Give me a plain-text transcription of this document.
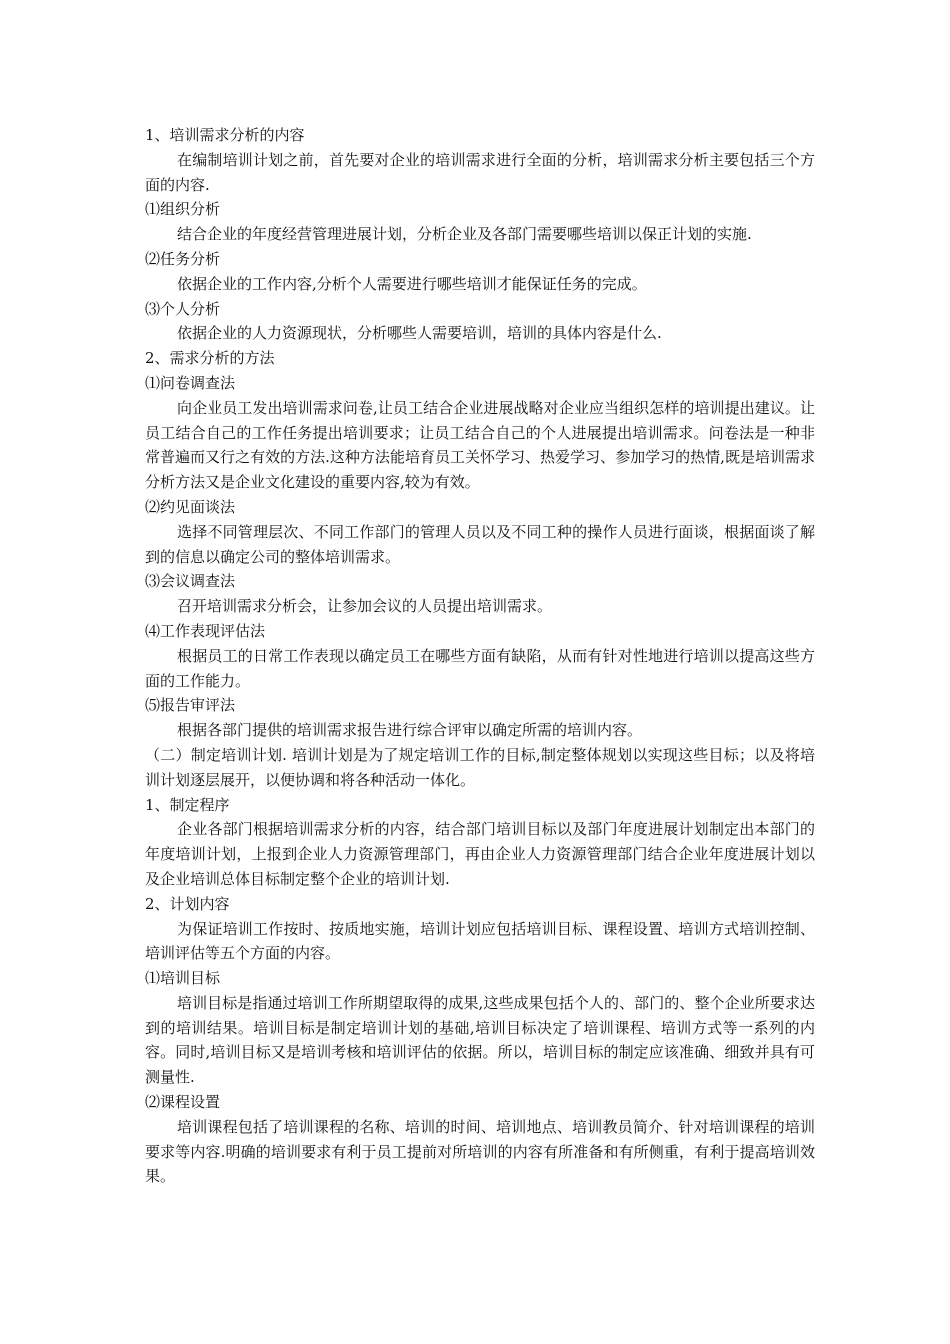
1、培训需求分析的内容

在编制培训计划之前，首先要对企业的培训需求进行全面的分析，培训需求分析主要包括三个方面的内容.

⑴组织分析

结合企业的年度经营管理进展计划，分析企业及各部门需要哪些培训以保正计划的实施.

⑵任务分析

依据企业的工作内容,分析个人需要进行哪些培训才能保证任务的完成。

⑶个人分析

依据企业的人力资源现状，分析哪些人需要培训，培训的具体内容是什么.

2、需求分析的方法

⑴问卷调查法

向企业员工发出培训需求问卷,让员工结合企业进展战略对企业应当组织怎样的培训提出建议。让员工结合自己的工作任务提出培训要求；让员工结合自己的个人进展提出培训需求。问卷法是一种非常普遍而又行之有效的方法.这种方法能培育员工关怀学习、热爱学习、参加学习的热情,既是培训需求分析方法又是企业文化建设的重要内容,较为有效。

⑵约见面谈法

选择不同管理层次、不同工作部门的管理人员以及不同工种的操作人员进行面谈，根据面谈了解到的信息以确定公司的整体培训需求。

⑶会议调查法

召开培训需求分析会，让参加会议的人员提出培训需求。

⑷工作表现评估法

根据员工的日常工作表现以确定员工在哪些方面有缺陷，从而有针对性地进行培训以提高这些方面的工作能力。

⑸报告审评法

根据各部门提供的培训需求报告进行综合评审以确定所需的培训内容。

（二）制定培训计划. 培训计划是为了规定培训工作的目标,制定整体规划以实现这些目标；以及将培训计划逐层展开，以便协调和将各种活动一体化。

1、制定程序

企业各部门根据培训需求分析的内容，结合部门培训目标以及部门年度进展计划制定出本部门的年度培训计划，上报到企业人力资源管理部门，再由企业人力资源管理部门结合企业年度进展计划以及企业培训总体目标制定整个企业的培训计划.

2、计划内容

为保证培训工作按时、按质地实施，培训计划应包括培训目标、课程设置、培训方式培训控制、培训评估等五个方面的内容。

⑴培训目标

培训目标是指通过培训工作所期望取得的成果,这些成果包括个人的、部门的、整个企业所要求达到的培训结果。培训目标是制定培训计划的基础,培训目标决定了培训课程、培训方式等一系列的内容。同时,培训目标又是培训考核和培训评估的依据。所以，培训目标的制定应该准确、细致并具有可测量性.

⑵课程设置

培训课程包括了培训课程的名称、培训的时间、培训地点、培训教员简介、针对培训课程的培训要求等内容.明确的培训要求有利于员工提前对所培训的内容有所准备和有所侧重，有利于提高培训效果。
